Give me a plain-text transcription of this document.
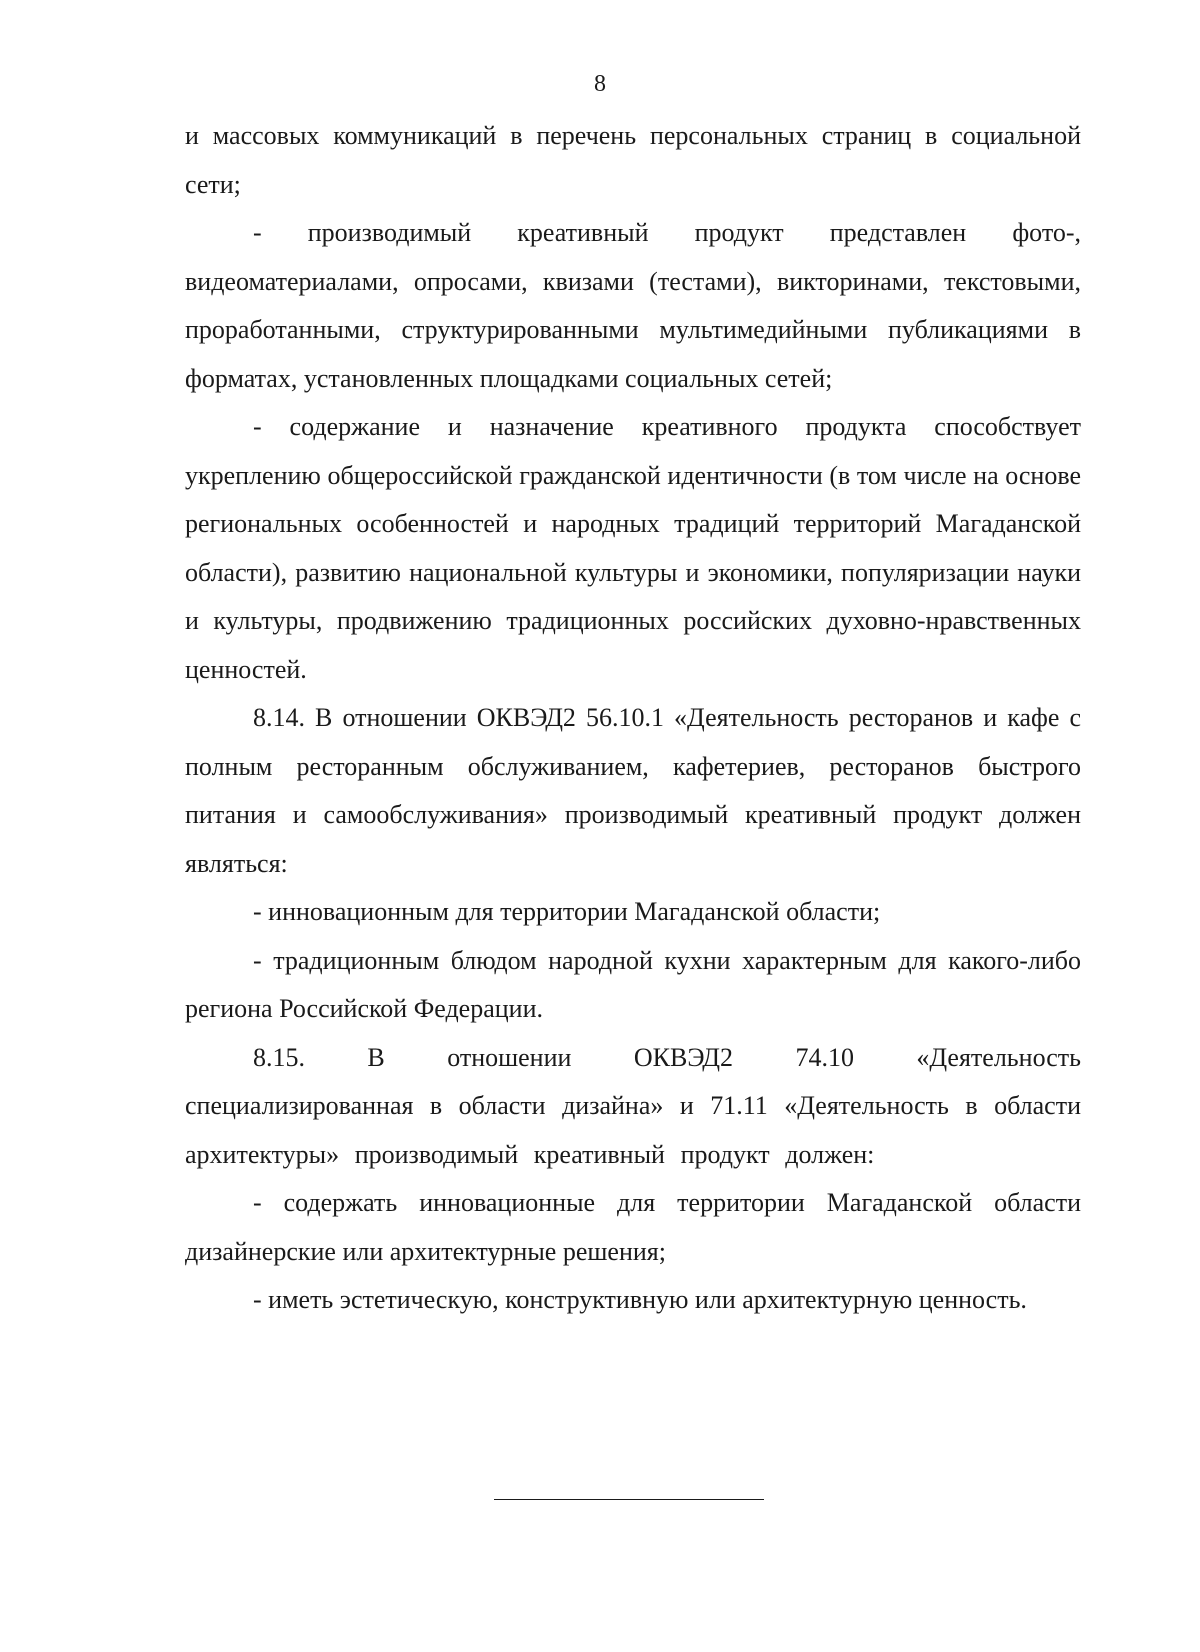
8

и массовых коммуникаций в перечень персональных страниц в социальной сети;

- производимый креативный продукт представлен фото-, видеоматериалами, опросами, квизами (тестами), викторинами, текстовыми, проработанными, структурированными мультимедийными публикациями в форматах, установленных площадками социальных сетей;

- содержание и назначение креативного продукта способствует укреплению общероссийской гражданской идентичности (в том числе на основе региональных особенностей и народных традиций территорий Магаданской области), развитию национальной культуры и экономики, популяризации науки и культуры, продвижению традиционных российских духовно-нравственных ценностей.

8.14. В отношении ОКВЭД2 56.10.1 «Деятельность ресторанов и кафе с полным ресторанным обслуживанием, кафетериев, ресторанов быстрого питания и самообслуживания» производимый креативный продукт должен являться:

- инновационным для территории Магаданской области;

- традиционным блюдом народной кухни характерным для какого-либо региона Российской Федерации.

8.15. В отношении ОКВЭД2 74.10 «Деятельность специализированная в области дизайна» и 71.11 «Деятельность в области архитектуры» производимый креативный продукт должен:

- содержать инновационные для территории Магаданской области дизайнерские или архитектурные решения;

- иметь эстетическую, конструктивную или архитектурную ценность.
